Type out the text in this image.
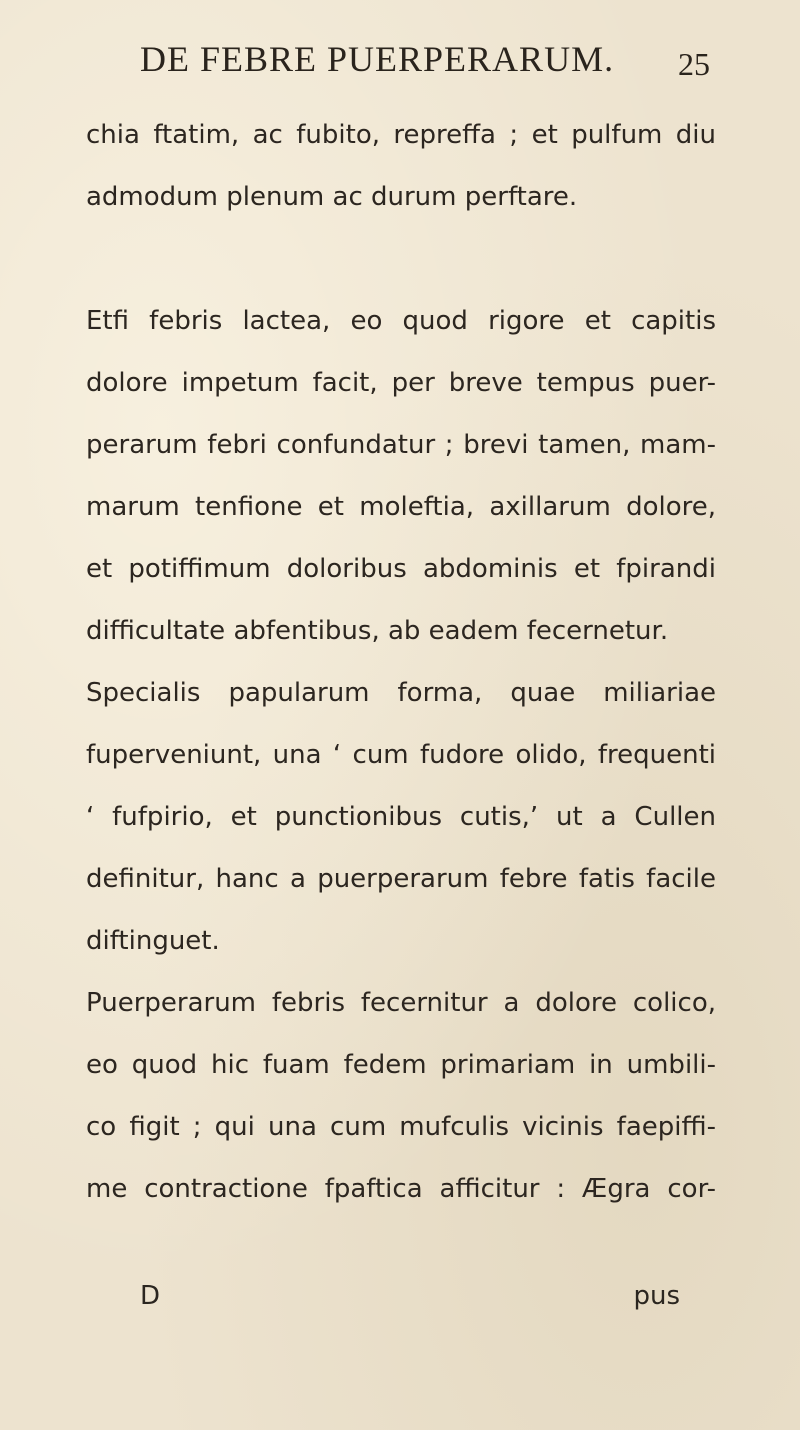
DE FEBRE PUERPERARUM. 25
chia ftatim, ac fubito, repreffa ; et pulfum diu
admodum plenum ac durum perftare.
Etfi febris lactea, eo quod rigore et capitis
dolore impetum facit, per breve tempus puer-
perarum febri confundatur ; brevi tamen, mam-
marum tenfione et moleftia, axillarum dolore,
et potiffimum doloribus abdominis et fpirandi
difficultate abfentibus, ab eadem fecernetur.
Specialis papularum forma, quae miliariae
fuperveniunt, una ‘ cum fudore olido, frequenti
‘ fufpirio, et punctionibus cutis,’ ut a Cullen
definitur, hanc a puerperarum febre fatis facile
diftinguet.
Puerperarum febris fecernitur a dolore colico,
eo quod hic fuam fedem primariam in umbili-
co figit ; qui una cum mufculis vicinis faepiffi-
me contractione fpaftica afficitur : Ægra cor-
D	pus
